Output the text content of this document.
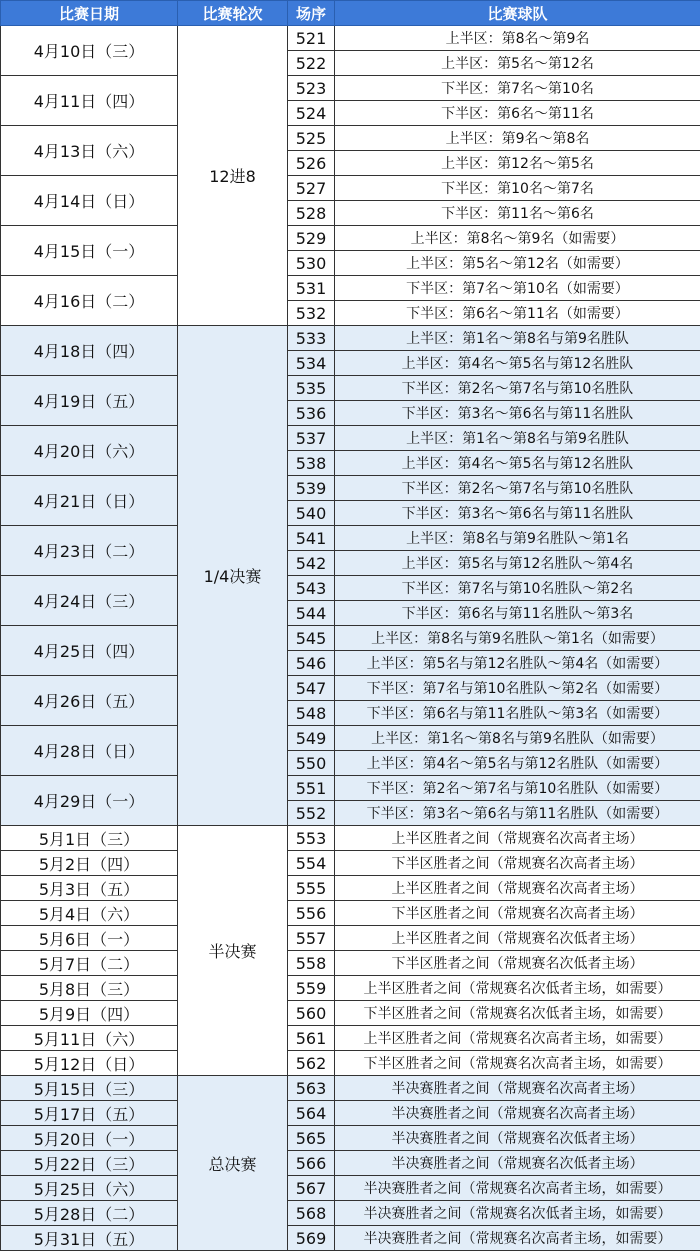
比赛日期	比赛轮次	场序	比赛球队
4月10日（三）	12进8	521	上半区：第8名～第9名
		522	上半区：第5名～第12名
4月11日（四）		523	下半区：第7名～第10名
		524	下半区：第6名～第11名
4月13日（六）		525	上半区：第9名～第8名
		526	上半区：第12名～第5名
4月14日（日）		527	下半区：第10名～第7名
		528	下半区：第11名～第6名
4月15日（一）		529	上半区：第8名～第9名（如需要）
		530	上半区：第5名～第12名（如需要）
4月16日（二）		531	下半区：第7名～第10名（如需要）
		532	下半区：第6名～第11名（如需要）
4月18日（四）	1/4决赛	533	上半区：第1名～第8名与第9名胜队
		534	上半区：第4名～第5名与第12名胜队
4月19日（五）		535	下半区：第2名～第7名与第10名胜队
		536	下半区：第3名～第6名与第11名胜队
4月20日（六）		537	上半区：第1名～第8名与第9名胜队
		538	上半区：第4名～第5名与第12名胜队
4月21日（日）		539	下半区：第2名～第7名与第10名胜队
		540	下半区：第3名～第6名与第11名胜队
4月23日（二）		541	上半区：第8名与第9名胜队～第1名
		542	上半区：第5名与第12名胜队～第4名
4月24日（三）		543	下半区：第7名与第10名胜队～第2名
		544	下半区：第6名与第11名胜队～第3名
4月25日（四）		545	上半区：第8名与第9名胜队～第1名（如需要）
		546	上半区：第5名与第12名胜队～第4名（如需要）
4月26日（五）		547	下半区：第7名与第10名胜队～第2名（如需要）
		548	下半区：第6名与第11名胜队～第3名（如需要）
4月28日（日）		549	上半区：第1名～第8名与第9名胜队（如需要）
		550	上半区：第4名～第5名与第12名胜队（如需要）
4月29日（一）		551	下半区：第2名～第7名与第10名胜队（如需要）
		552	下半区：第3名～第6名与第11名胜队（如需要）
5月1日（三）	半决赛	553	上半区胜者之间（常规赛名次高者主场）
5月2日（四）		554	下半区胜者之间（常规赛名次高者主场）
5月3日（五）		555	上半区胜者之间（常规赛名次高者主场）
5月4日（六）		556	下半区胜者之间（常规赛名次高者主场）
5月6日（一）		557	上半区胜者之间（常规赛名次低者主场）
5月7日（二）		558	下半区胜者之间（常规赛名次低者主场）
5月8日（三）		559	上半区胜者之间（常规赛名次低者主场，如需要）
5月9日（四）		560	下半区胜者之间（常规赛名次低者主场，如需要）
5月11日（六）		561	上半区胜者之间（常规赛名次高者主场，如需要）
5月12日（日）		562	下半区胜者之间（常规赛名次高者主场，如需要）
5月15日（三）	总决赛	563	半决赛胜者之间（常规赛名次高者主场）
5月17日（五）		564	半决赛胜者之间（常规赛名次高者主场）
5月20日（一）		565	半决赛胜者之间（常规赛名次低者主场）
5月22日（三）		566	半决赛胜者之间（常规赛名次低者主场）
5月25日（六）		567	半决赛胜者之间（常规赛名次高者主场，如需要）
5月28日（二）		568	半决赛胜者之间（常规赛名次低者主场，如需要）
5月31日（五）		569	半决赛胜者之间（常规赛名次高者主场，如需要）
